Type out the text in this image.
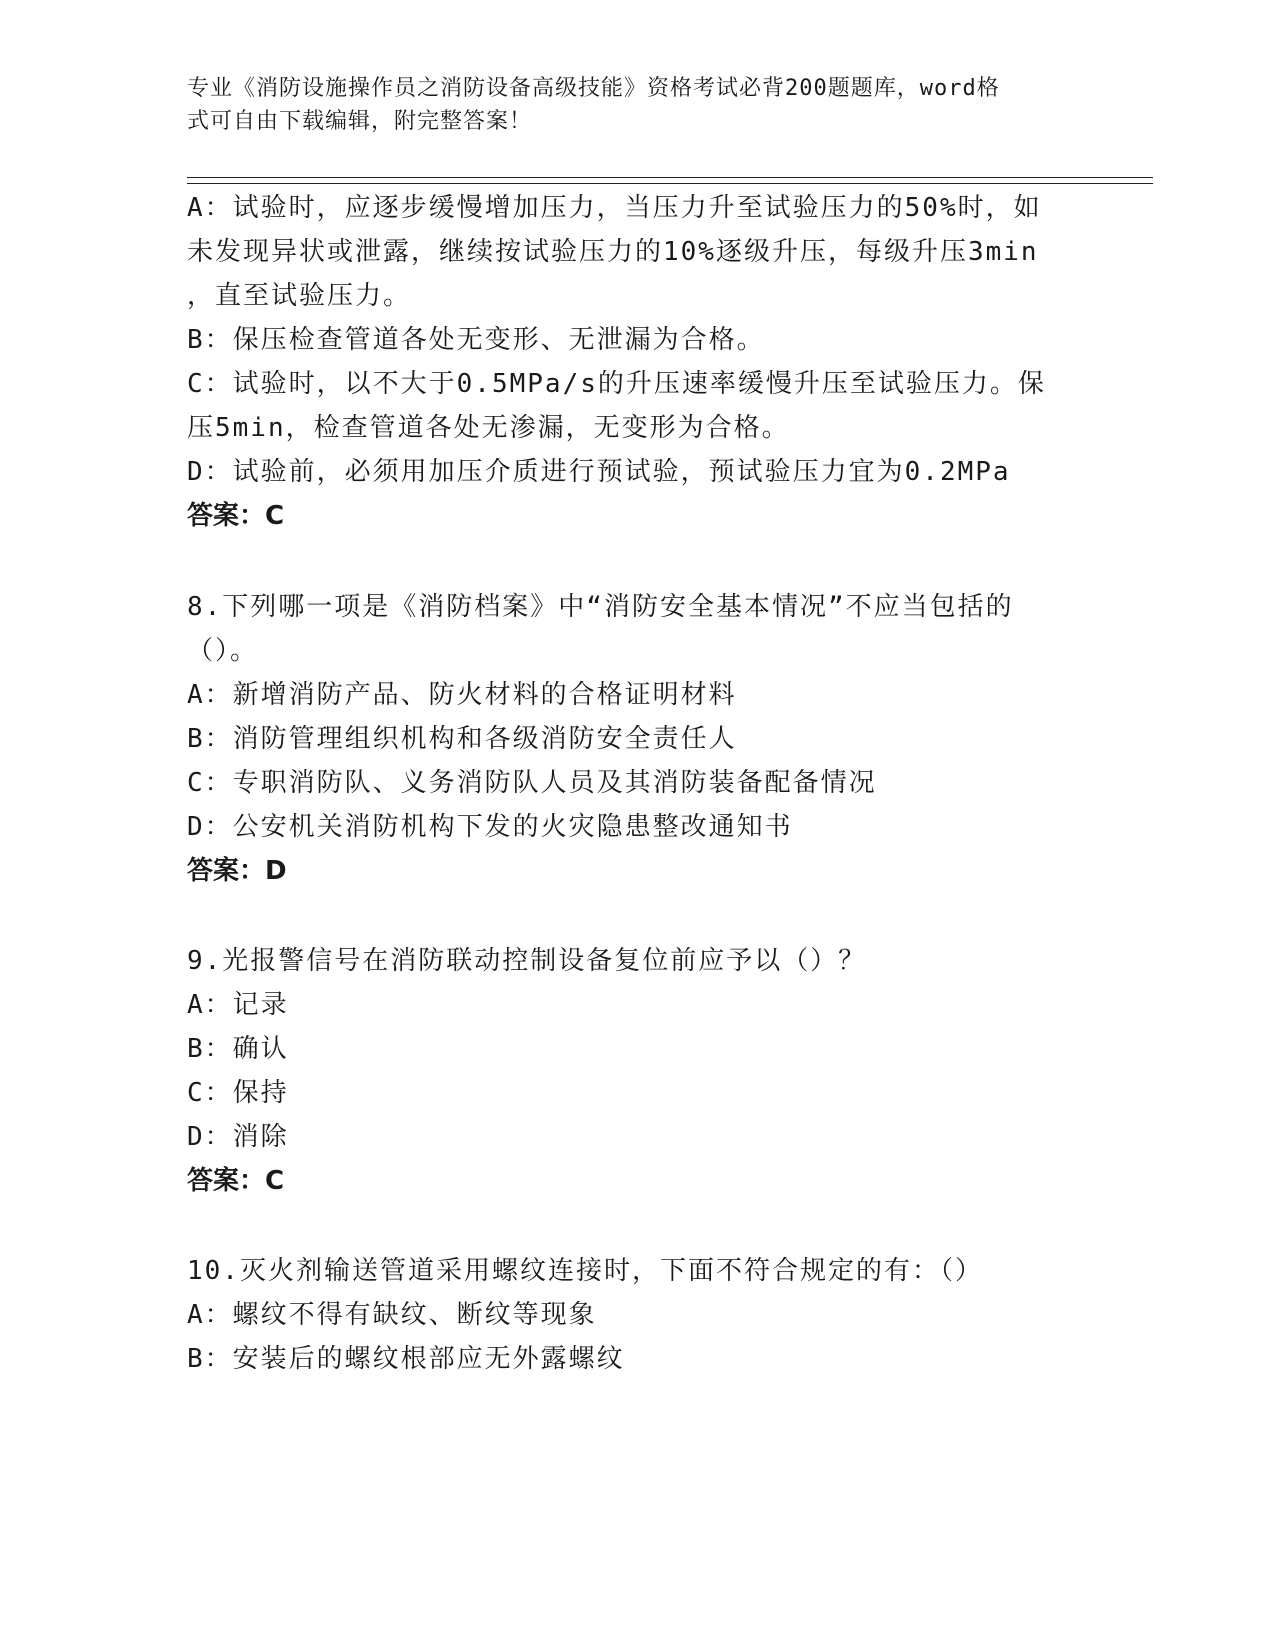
专业《消防设施操作员之消防设备高级技能》资格考试必背200题题库，word格
式可自由下载编辑，附完整答案！
A：试验时，应逐步缓慢增加压力，当压力升至试验压力的50%时，如
未发现异状或泄露，继续按试验压力的10%逐级升压，每级升压3min
，直至试验压力。
B：保压检查管道各处无变形、无泄漏为合格。
C：试验时，以不大于0.5MPa/s的升压速率缓慢升压至试验压力。保
压5min，检查管道各处无渗漏，无变形为合格。
D：试验前，必须用加压介质进行预试验，预试验压力宜为0.2MPa
答案：C
8.下列哪一项是《消防档案》中“消防安全基本情况”不应当包括的
（）。
A：新增消防产品、防火材料的合格证明材料
B：消防管理组织机构和各级消防安全责任人
C：专职消防队、义务消防队人员及其消防装备配备情况
D：公安机关消防机构下发的火灾隐患整改通知书
答案：D
9.光报警信号在消防联动控制设备复位前应予以（）？
A：记录
B：确认
C：保持
D：消除
答案：C
10.灭火剂输送管道采用螺纹连接时，下面不符合规定的有：（）
A：螺纹不得有缺纹、断纹等现象
B：安装后的螺纹根部应无外露螺纹
